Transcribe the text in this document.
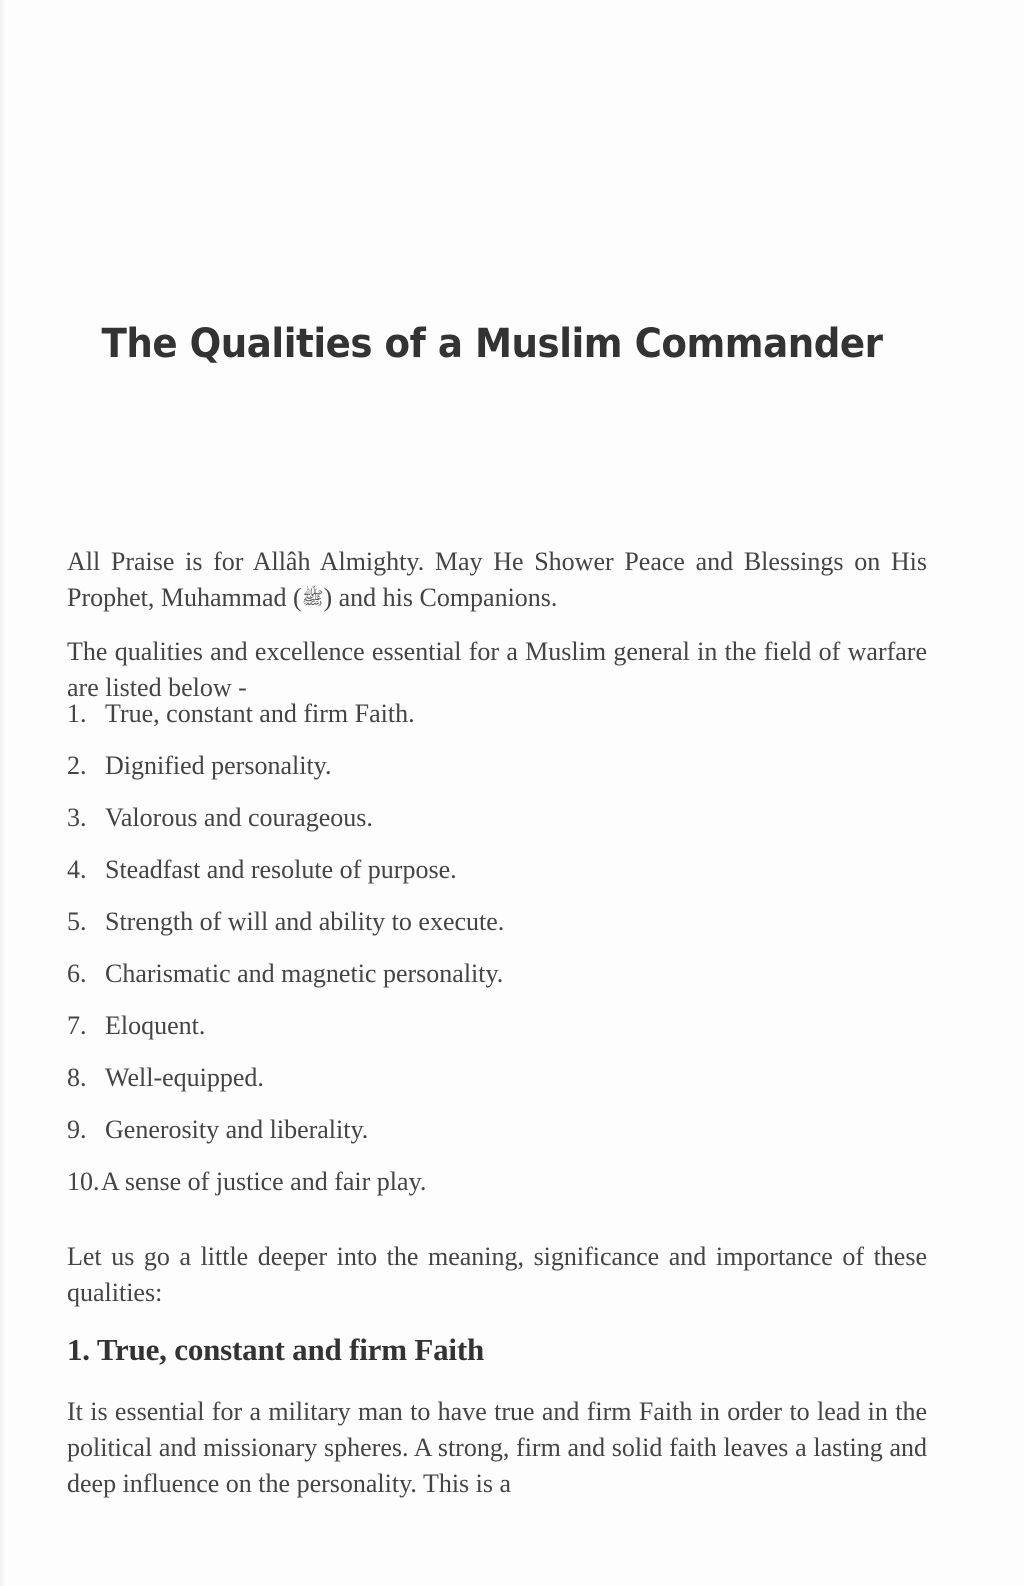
The Qualities of a Muslim Commander

All Praise is for Allâh Almighty. May He Shower Peace and Blessings on His Prophet, Muhammad (ﷺ) and his Companions.

The qualities and excellence essential for a Muslim general in the field of warfare are listed below -

1. True, constant and firm Faith.
2. Dignified personality.
3. Valorous and courageous.
4. Steadfast and resolute of purpose.
5. Strength of will and ability to execute.
6. Charismatic and magnetic personality.
7. Eloquent.
8. Well-equipped.
9. Generosity and liberality.
10.A sense of justice and fair play.

Let us go a little deeper into the meaning, significance and importance of these qualities:

1. True, constant and firm Faith

It is essential for a military man to have true and firm Faith in order to lead in the political and missionary spheres. A strong, firm and solid faith leaves a lasting and deep influence on the personality. This is a
